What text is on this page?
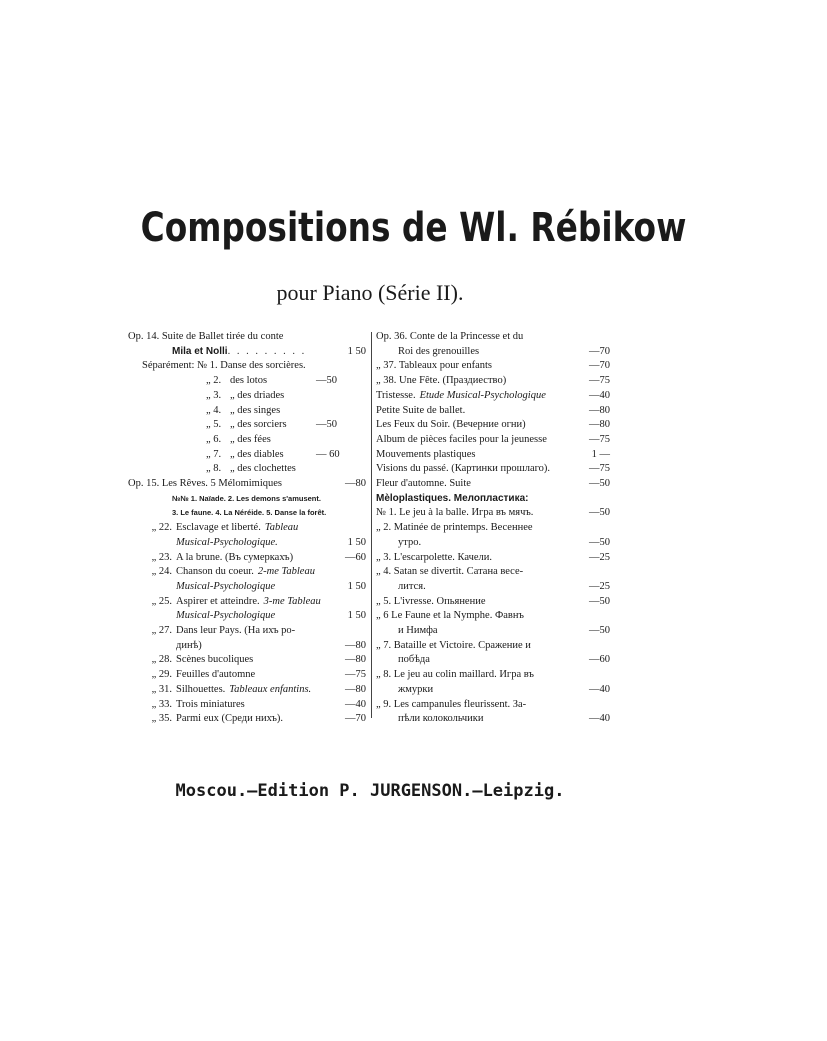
Compositions de Wl. Rébikow
pour Piano (Série II).
Op. 14. Suite de Ballet tirée du conte
Mila et Nolli . . . . . . . . .	1 50
Séparément: № 1. Danse des sorcières.
„ 2. des lotos	—50
„ 3. „ des driades
„ 4. „ des singes
„ 5. „ des sorciers	—50
„ 6. „ des fées
„ 7. „ des diables	— 60
„ 8. „ des clochettes
Op. 15. Les Rêves. 5 Mélomimiques	—80
№№ 1. Naïade. 2. Les demons s'amusent.
3. Le faune. 4. La Néréide. 5. Danse la forêt.
„ 22. Esclavage et liberté. Tableau
Musical-Psychologique.	1 50
„ 23. A la brune. (Въ сумеркахъ)	—60
„ 24. Chanson du coeur. 2-me Tableau
Musical-Psychologique	1 50
„ 25. Aspirer et atteindre. 3-me Tableau
Musical-Psychologique	1 50
„ 27. Dans leur Pays. (На ихъ ро-
динѣ)	—80
„ 28. Scènes bucoliques	—80
„ 29. Feuilles d'automne	—75
„ 31. Silhouettes. Tableaux enfantins.	—80
„ 33. Trois miniatures	—40
„ 35. Parmi eux (Среди нихъ).	—70
Op. 36. Conte de la Princesse et du
Roi des grenouilles	—70
„ 37. Tableaux pour enfants	—70
„ 38. Une Fête. (Праздиество)	—75
Tristesse. Etude Musical-Psychologique	—40
Petite Suite de ballet.	—80
Les Feux du Soir. (Вечерние огни)	—80
Album de pièces faciles pour la jeunesse	—75
Mouvements plastiques	1 —
Visions du passé. (Картинки прошлаго).	—75
Fleur d'automne. Suite	—50
Mèloplastiques. Мелопластика:
№ 1. Le jeu à la balle. Игра въ мячъ.	—50
„ 2. Matinée de printemps. Весеннее
утро.	—50
„ 3. L'escarpolette. Качели.	—25
„ 4. Satan se divertit. Сатана весе-
лится.	—25
„ 5. L'ivresse. Опьянение	—50
„ 6 Le Faune et la Nymphe. Фавнъ
и Нимфа	—50
„ 7. Bataille et Victoire. Сражение и
побѣда	—60
„ 8. Le jeu au colin maillard. Игра въ
жмурки	—40
„ 9. Les campanules fleurissent. За-
пѣли колокольчики	—40
Moscou.—Edition P. JURGENSON.—Leipzig.
